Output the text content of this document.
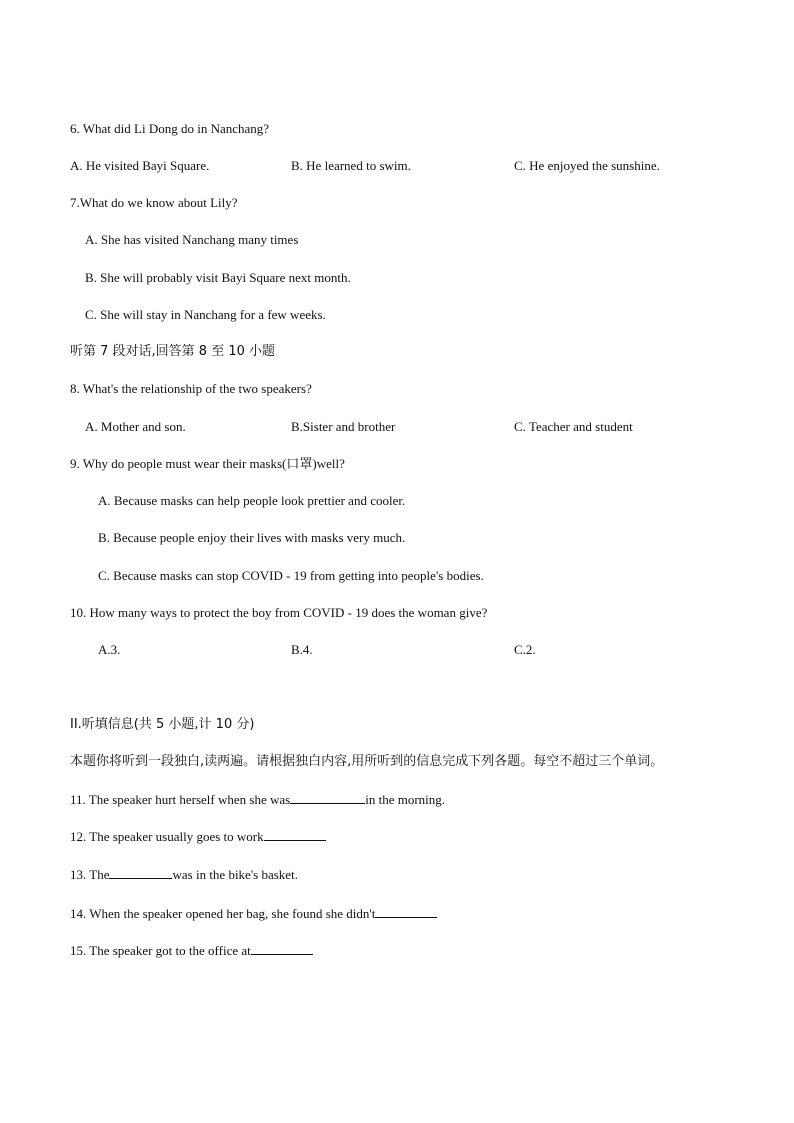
6. What did Li Dong do in Nanchang?
A. He visited Bayi Square.	B. He learned to swim.	C. He enjoyed the sunshine.
7.What do we know about Lily?
A. She has visited Nanchang many times
B. She will probably visit Bayi Square next month.
C. She will stay in Nanchang for a few weeks.
听第 7 段对话,回答第 8 至 10 小题
8. What's the relationship of the two speakers?
A. Mother and son.	B.Sister and brother	C. Teacher and student
9. Why do people must wear their masks(口罩)well?
A. Because masks can help people look prettier and cooler.
B. Because people enjoy their lives with masks very much.
C. Because masks can stop COVID - 19 from getting into people's bodies.
10. How many ways to protect the boy from COVID - 19 does the woman give?
A.3.	B.4.	C.2.
II.听填信息(共 5 小题,计 10 分)
本题你将听到一段独白,读两遍。请根据独白内容,用所听到的信息完成下列各题。每空不超过三个单词。
11. The speaker hurt herself when she was	in the morning.
12. The speaker usually goes to work
13. The	was in the bike's basket.
14. When the speaker opened her bag, she found she didn't
15. The speaker got to the office at
